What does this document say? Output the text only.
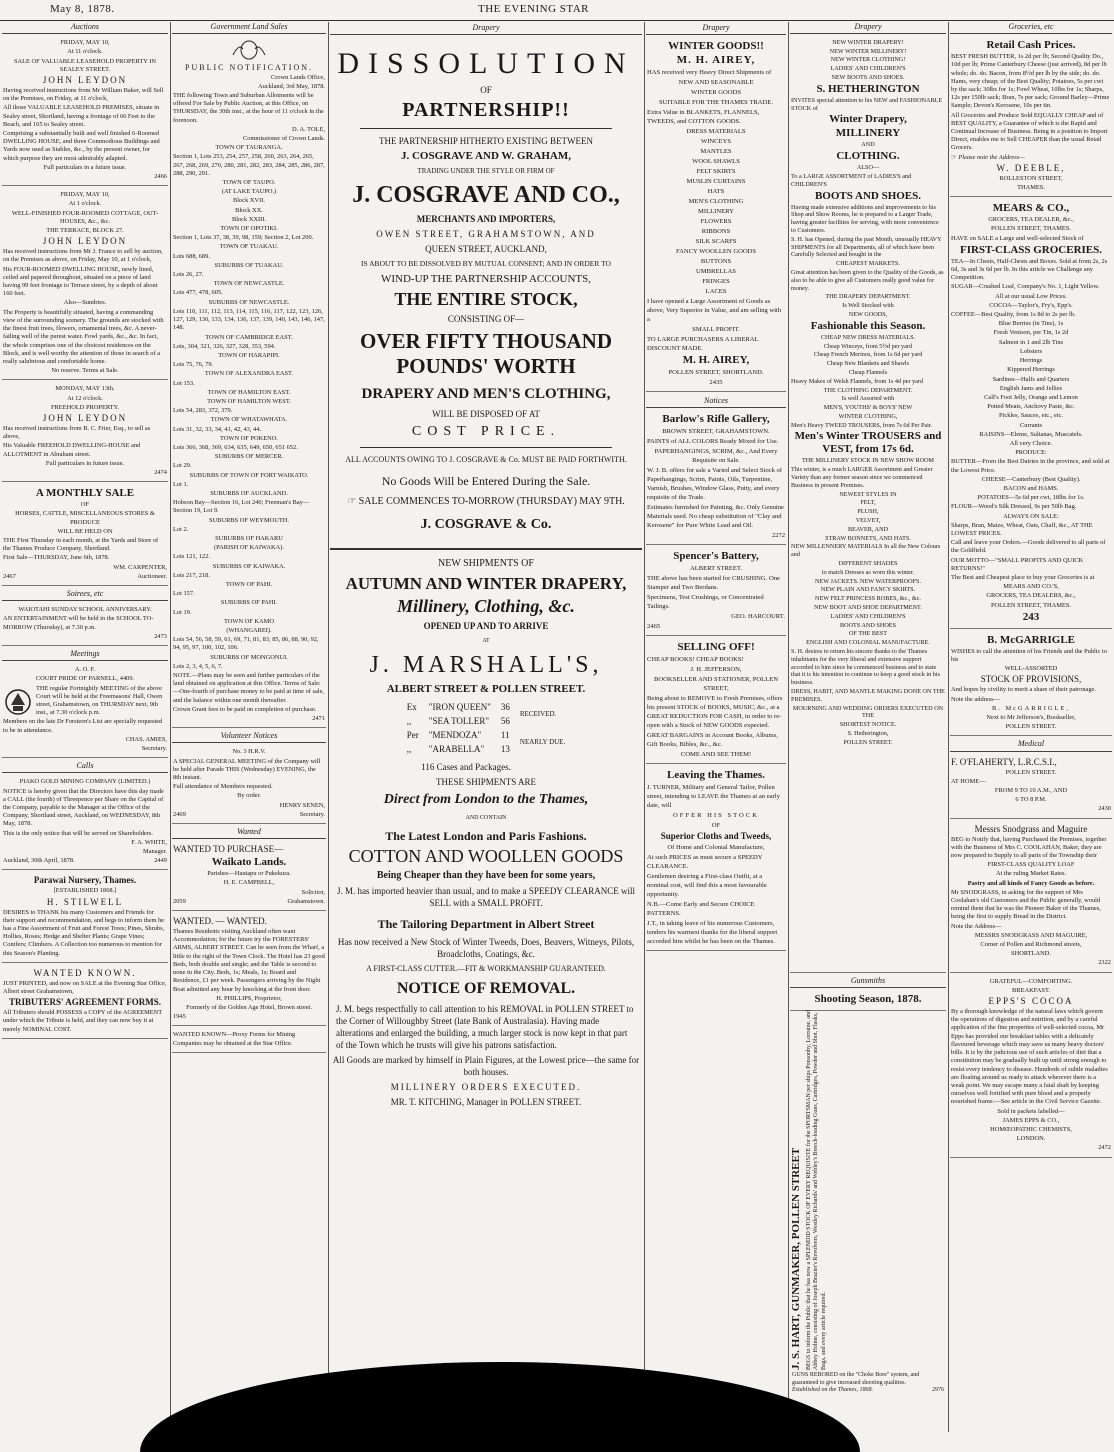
May 8, 1878.	THE EVENING STAR
Auctions

FRIDAY, MAY 10,

At 11 o'clock.

SALE OF VALUABLE LEASEHOLD PROPERTY IN SEALEY STREET.

JOHN LEYDON

Having received instructions from Mr William Baker, will Sell on the Premises, on Friday, at 11 o'clock,

All those VALUABLE LEASEHOLD PREMISES, situate in Sealey street, Shortland, having a frontage of 66 Feet to the Beach, and 165 to Sealey street.

Comprising a substantially built and well finished 6-Roomed DWELLING HOUSE, and three Commodious Buildings and Yards now used as Stables, &c., by the present owner, for which purpose they are most admirably adapted.

Full particulars in a future issue.

2466

FRIDAY, MAY 10,

At 1 o'clock.

WELL-FINISHED FOUR-ROOMED COTTAGE, OUT-HOUSES, &c., &c.

THE TERRACE, BLOCK 27.

JOHN LEYDON

Has received instructions from Mr J. France to sell by auction, on the Premises as above, on Friday, May 10, at 1 o'clock,

His FOUR-ROOMED DWELLING HOUSE, newly lined, ceiled and papered throughout, situated on a piece of land having 99 feet frontage to Terrace street, by a depth of about 160 feet.

Also—Sundries.

The Property is beautifully situated, having a commanding view of the surrounding scenery. The grounds are stocked with the finest fruit trees, flowers, ornamental trees, &c. A never-failing well of the purest water. Fowl yards, &c., &c. In fact, the whole comprises one of the choicest residences on the Block, and is well worthy the attention of those in search of a really salubrious and comfortable home.

No reserve. Terms at Sale.

MONDAY, MAY 13th.

At 12 o'clock.

FREEHOLD PROPERTY.

JOHN LEYDON

Has received instructions from B. C. Frier, Esq., to sell as above,

His Valuable FREEHOLD DWELLING-HOUSE and ALLOTMENT in Abraham street.

Full particulars in future issue.

2474

A MONTHLY SALE

OF

HORSES, CATTLE, MISCELLANEOUS STORES & PRODUCE

WILL BE HELD ON

THE First Thursday in each month, at the Yards and Store of the Thames Produce Company, Shortland.

First Sale—THURSDAY, June 6th, 1878.

WM. CARPENTER,

2467	Auctioneer.

Soirees, etc

WAIOTAHI SUNDAY SCHOOL ANNIVERSARY.

AN ENTERTAINMENT will be held in the SCHOOL TO-MORROW (Thursday), at 7.30 p.m.

2473

Meetings

A. O. F.

COURT PRIDE OF PARNELL, 4409.

THE regular Fortnightly MEETING of the above Court will be held at the Freemasons' Hall, Owen street, Grahamstown, on THURSDAY next, 9th inst., at 7.30 o'clock p.m.

Members on the late Dr Forsteen's List are specially requested to be in attendance.

CHAS. AMIES,

Secretary.

Calls

PIAKO GOLD MINING COMPANY (LIMITED.)

NOTICE is hereby given that the Directors have this day made a CALL (the fourth) of Threepence per Share on the Capital of the Company, payable to the Manager at the Office of the Company, Shortland street, Auckland, on WEDNESDAY, 8th May, 1878.

This is the only notice that will be served on Shareholders.

F. A. WHITE,

Manager.

Auckland, 30th April, 1878.	2449

Parawai Nursery, Thames.

[ESTABLISHED 1868.]

H. STILWELL

DESIRES to THANK his many Customers and Friends for their support and recommendation, and begs to inform them he has a Fine Assortment of Fruit and Forest Trees; Pines, Shrubs, Hollies, Roses; Hedge and Shelter Plants; Grape Vines; Conifers; Climbers. A Collection too numerous to mention for this Season's Planting.

WANTED KNOWN.

JUST PRINTED, and now on SALE at the Evening Star Office, Albert street Grahamstown,

TRIBUTERS' AGREEMENT FORMS.

All Tributers should POSSESS a COPY of the AGREEMENT under which the Tribute is held, and they can now buy it at merely NOMINAL COST.

Government Land Sales

PUBLIC NOTIFICATION.

Crown Lands Office,

Auckland, 3rd May, 1878.

THE following Town and Suburban Allotments will be offered For Sale by Public Auction, at this Office, on THURSDAY, the 30th inst., at the hour of 11 o'clock in the forenoon.

D. A. TOLE,

Commissioner of Crown Lands.

TOWN OF TAURANGA.
Section 1, Lots 253, 254, 257, 258, 260, 263, 264, 265, 267, 268, 269, 270, 280, 281, 282, 283, 284, 285, 286, 287, 288, 290, 291.
TOWN OF TAUPO.
(AT LAKE TAUPO.)
Block XVII.
Block XX.
Block XXIII.
TOWN OF OPOTIKI.
Section 1, Lots 37, 38, 39, 98, 159; Section 2, Lot 200.
TOWN OF TUAKAU.
Lots 688, 689.
SUBURBS OF TUAKAU.
Lots 26, 27.
TOWN OF NEWCASTLE.
Lots 477, 478, 605.
SUBURBS OF NEWCASTLE.
Lots 110, 111, 112, 113, 114, 115, 116, 117, 122, 123, 126, 127, 129, 130, 133, 134, 136, 137, 139, 140, 143, 146, 147, 148.
TOWN OF CAMBRIDGE EAST.
Lots, 304, 321, 326, 327, 328, 353, 594.
TOWN OF HARAPIPI.
Lots 75, 76, 79.
TOWN OF ALEXANDRA EAST.
Lot 153.
TOWN OF HAMILTON EAST.
TOWN OF HAMILTON WEST.
Lots 54, 283, 372, 379.
TOWN OF WHATAWHATA.
Lots 31, 32, 33, 34, 41, 42, 43, 44.
TOWN OF POKENO.
Lots 366, 368, 369, 634, 635, 649, 650, 651 652.
SUBURBS OF MERCER.
Lot 29.
SUBURBS OF TOWN OF FORT WAIKATO.
Lot 1.
SUBURBS OF AUCKLAND.
Hobson Bay—Section 16, Lot 240; Freeman's Bay—Section 19, Lot 9.
SUBURBS OF WEYMOUTH.
Lot 2.
SUBURBS OF HAKARU
(PARISH OF KAIWAKA).
Lots 121, 122.
SUBURBS OF KAIWAKA.
Lots 217, 218.
TOWN OF PAHI.
Lot 157.
SUBURBS OF PAHI.
Lot 19.
TOWN OF KAMO
(WHANGAREI).
Lots 54, 56, 58, 59, 61, 69, 71, 81, 83, 85, 86, 88, 90, 92, 94, 95, 97, 100, 102, 106.
SUBURBS OF MONGONUI.
Lots 2, 3, 4, 5, 6, 7.
NOTE.—Plans may be seen and further particulars of the land obtained on application at this Office. Terms of Sale:—One-fourth of purchase money to be paid at time of sale, and the balance within one month thereafter.
Crown Grant fees to be paid on completion of purchase.
2471
Volunteer Notices

No. 3 H.R.V.

A SPECIAL GENERAL MEETING of the Company will be held after Parade THIS (Wednesday) EVENING, the 8th instant.

Full attendance of Members requested.

By order.

HENRY SENEN,

2469	Secretary.

Wanted

WANTED TO PURCHASE—

Waikato Lands.

Parishes—Hautapu or Pukekura.

H. E. CAMPBELL,

Solicitor,

2059	Grahamstown.

WANTED. — WANTED.

Thames Residents visiting Auckland often want Accommodation; for the future try the FORESTERS' ARMS, ALBERT STREET. Can be seen from the Wharf, a little to the right of the Town Clock. The Hotel has 23 good Beds, both double and single; and the Table is second to none in the City. Beds, 1s; Meals, 1s; Board and Residence, £1 per week. Passengers arriving by the Night Boat admitted any hour by knocking at the front door.

H. PHILLIPS, Proprietor,

Formerly of the Golden Age Hotel, Brown street.

1945

WANTED KNOWN—Proxy Forms for Mining Companies may be obtained at the Star Office.

Drapery
DISSOLUTION
OF
PARTNERSHIP!!
THE PARTNERSHIP HITHERTO EXISTING BETWEEN
J. COSGRAVE AND W. GRAHAM,
TRADING UNDER THE STYLE OR FIRM OF
J. COSGRAVE AND CO.,
MERCHANTS AND IMPORTERS,
OWEN STREET, GRAHAMSTOWN, AND
QUEEN STREET, AUCKLAND,
IS ABOUT TO BE DISSOLVED BY MUTUAL CONSENT; AND IN ORDER TO
WIND-UP THE PARTNERSHIP ACCOUNTS,
THE ENTIRE STOCK,
CONSISTING OF—
OVER FIFTY THOUSAND POUNDS' WORTH
DRAPERY AND MEN'S CLOTHING,
WILL BE DISPOSED OF AT
COST PRICE.
ALL ACCOUNTS OWING TO J. COSGRAVE & Co. MUST BE PAID FORTHWITH.
No Goods Will be Entered During the Sale.
☞ SALE COMMENCES TO-MORROW (THURSDAY) MAY 9TH.
J. COSGRAVE & Co.
NEW SHIPMENTS OF
AUTUMN AND WINTER DRAPERY,
Millinery, Clothing, &c.
OPENED UP AND TO ARRIVE
AT
J. MARSHALL'S,
ALBERT STREET & POLLEN STREET.
Ex	"IRON QUEEN"	36	RECEIVED.
,,	"SEA TOLLER"	56	
Per	"MENDOZA"	11	NEARLY DUE.
,,	"ARABELLA"	13	
116 Cases and Packages.
THESE SHIPMENTS ARE
Direct from London to the Thames,
AND CONTAIN
The Latest London and Paris Fashions.
COTTON AND WOOLLEN GOODS
Being Cheaper than they have been for some years,
J. M. has imported heavier than usual, and to make a SPEEDY CLEARANCE will SELL with a SMALL PROFIT.
The Tailoring Department in Albert Street
Has now received a New Stock of Winter Tweeds, Does, Beavers, Witneys, Pilots, Broadcloths, Coatings, &c.
A FIRST-CLASS CUTTER.—FIT & WORKMANSHIP GUARANTEED.
NOTICE OF REMOVAL.
J. M. begs respectfully to call attention to his REMOVAL in POLLEN STREET to the Corner of Willoughby Street (late Bank of Australasia). Having made alterations and enlarged the building, a much larger stock is now kept in that part of the Town which he trusts will give his patrons satisfaction.
All Goods are marked by himself in Plain Figures, at the Lowest price—the same for both houses.
MILLINERY ORDERS EXECUTED.
MR. T. KITCHING, Manager in POLLEN STREET.
Drapery

WINTER GOODS!!

M. H. AIREY,

HAS received very Heavy Direct Shipments of

NEW AND SEASONABLE

WINTER GOODS

SUITABLE FOR THE THAMES TRADE.

Extra Value in BLANKETS, FLANNELS, TWEEDS, and COTTON GOODS.

DRESS MATERIALS

WINCEYS

MANTLES

WOOL SHAWLS

FELT SKIRTS

MUSLIN CURTAINS

HATS

MEN'S CLOTHING

MILLINERY

FLOWERS

RIBBONS

SILK SCARFS

FANCY WOOLLEN GOODS

BUTTONS

UMBRELLAS

FRINGES

LACES

I have opened a Large Assortment of Goods as above, Very Superior in Value, and am selling with a

SMALL PROFIT.

TO LARGE PURCHASERS A LIBERAL DISCOUNT MADE.

M. H. AIREY,

POLLEN STREET, SHORTLAND.

2435

Notices

Barlow's Rifle Gallery,

BROWN STREET, GRAHAMSTOWN.

PAINTS of ALL COLORS Ready Mixed for Use.

PAPERHANGINGS, SCRIM, &c., And Every Requisite on Sale.

W. J. B. offers for sale a Varied and Select Stock of Paperhangings, Scrim, Paints, Oils, Turpentine, Varnish, Brushes, Window Glass, Putty, and every requisite of the Trade.

Estimates furnished for Painting, &c. Only Genuine Materials used. No cheap substitution of "Clay and Kerosene" for Pure White Lead and Oil.

2272

Spencer's Battery,

ALBERT STREET.

THE above has been started for CRUSHING. One Stamper and Two Berdans.

Specimens, Test Crushings, or Concentrated Tailings.

GEO. HARCOURT.

2465

SELLING OFF!

CHEAP BOOKS! CHEAP BOOKS!

J. H. JEFFERSON,

BOOKSELLER AND STATIONER, POLLEN STREET,

Being about to REMOVE to Fresh Premises, offers his present STOCK of BOOKS, MUSIC, &c., at a GREAT REDUCTION FOR CASH, in order to re-open with a Stock of NEW GOODS expected.

GREAT BARGAINS in Account Books, Albums, Gift Books, Bibles, &c., &c.

COME AND SEE THEM!

Leaving the Thames.

J. TURNER, Military and General Tailor, Pollen street, intending to LEAVE the Thames at an early date, will

OFFER HIS STOCK

OF

Superior Cloths and Tweeds,

Of Home and Colonial Manufacture,

At such PRICES as must secure a SPEEDY CLEARANCE.

Gentlemen desiring a First-class Outfit, at a nominal cost, will find this a most favourable opportunity.

N.B.—Come Early and Secure CHOICE PATTERNS.

J.T., in taking leave of his numerous Customers, tenders his warmest thanks for the liberal support accorded him whilst he has been on the Thames.

Drapery

NEW WINTER DRAPERY!

NEW WINTER MILLINERY!

NEW WINTER CLOTHING!

LADIES' AND CHILDREN'S

NEW BOOTS AND SHOES.

S. HETHERINGTON

INVITES special attention to his NEW and FASHIONABLE STOCK of

Winter Drapery,

MILLINERY

AND

CLOTHING.

ALSO—

To a LARGE ASSORTMENT of LADIES'S and CHILDREN'S

BOOTS AND SHOES.

Having made extensive additions and improvements to his Shop and Show Rooms, he is prepared to a Larger Trade, having greater facilities for serving, with more convenience to Customers.

S. H. has Opened, during the past Month, unusually HEAVY SHIPMENTS for all Departments, all of which have been Carefully Selected and bought in the

CHEAPEST MARKETS.

Great attention has been given to the Quality of the Goods, as also to be able to give all Customers really good value for money.

THE DRAPERY DEPARTMENT.

Is Well Stocked with

NEW GOODS,

Fashionable this Season.

CHEAP NEW DRESS MATERIALS.

Cheap Winceys, from 5½d per yard

Cheap French Merinos, from 1s 6d per yard

Cheap New Blankets and Shawls

Cheap Flannels

Heavy Makes of Welsh Flannels, from 1s 4d per yard

THE CLOTHING DEPARTMENT.

Is well Assorted with

MEN'S, YOUTHS' & BOYS' NEW

WINTER CLOTHING,

Men's Heavy TWEED TROUSERS, from 7s 6d Per Pair.

Men's Winter TROUSERS and VEST, from 17s 6d.

THE MILLINERY STOCK IN NEW SHOW ROOM

This winter, is a much LARGER Assortment and Greater Variety than any former season since we commenced Business in present Premises.

NEWEST STYLES IN

FELT,

PLUSH,

VELVET,

BEAVER, AND

STRAW BONNETS, AND HATS.

NEW MILLENNERY MATERIALS In all the New Colours and

DIFFERENT SHADES

to match Dresses as worn this winter.

NEW JACKETS. NEW WATERPROOFS.

NEW PLAIN AND FANCY SKIRTS.

NEW FELT PRINCESS ROBES, &c., &c.

NEW BOOT AND SHOE DEPARTMENT.

LADIES' AND CHILDREN'S

BOOTS AND SHOES

OF THE BEST

ENGLISH AND COLONIAL MANUFACTURE.

S. H. desires to return his sincere thanks to the Thames inhabitants for the very liberal and extensive support accorded to him since he commenced business and to state that it is his intention to continue to keep a good stock in his business.

DRESS, HABIT, AND MANTLE MAKING DONE ON THE PREMISES.

MOURNING AND WEDDING ORDERS EXECUTED ON THE

SHORTEST NOTICE.

S. Hetherington,

POLLEN STREET.

Gunsmiths

Shooting Season, 1878.

J. S. HART, GUNMAKER, POLLEN STREET BEGS to inform the Public that he has now a SPLENDID STOCK OF EVERY REQUISITE for the SPORTSMAN per ships Ponsonby, Lorraine, and Abbey Holme, consisting of Joseph Brazier's Revolvers, Westley Richards' and Webley's Breech-loading Guns, Cartridges, Powder and Shot, Flasks, Bags, and every article required.

GUNS REBORED on the "Choke Bore" system, and guaranteed to give increased shooting qualities.

Established on the Thames, 1868.	2976

Groceries, etc

Retail Cash Prices.

BEST FRESH BUTTER, 1s 2d per lb; Second Quality Do., 10d per lb; Prime Canterbury Cheese (just arrived), 8d per lb whole; do. do. Bacon, from 8½d per lb by the side; do. do. Hams, very cheap; of the Best Quality; Potatoes, 5s per cwt by the sack; 30lbs for 1s; Fowl Wheat, 10lbs for 1s; Sharps, 12s per 150lb sack; Bran, 7s per sack; Ground Barley—Prime Sample; Devon's Kerosene, 10s per tin.

All Groceries and Produce Sold EQUALLY CHEAP and of BEST QUALITY, a Guarantee of which is the Rapid and Continual Increase of Business. Being in a position to Import Direct, enables me to Sell CHEAPER than the usual Retail Grocers.

☞ Please note the Address—

W. DEEBLE,

ROLLESTON STREET,

THAMES.

MEARS & CO.,

GROCERS, TEA DEALER, &c.,

POLLEN STREET, THAMES.

HAVE on SALE a Large and well-selected Stock of

FIRST-CLASS GROCERIES.

TEA—In Chests, Half-Chests and Boxes. Sold at from 2s, 2s 6d, 3s and 3s 6d per lb. In this article we Challenge any Competition.

SUGAR—Crushed Loaf, Company's No. 1, Light Yellow.

All at our usual Low Prices.

COCOA—Taylor's, Fry's, Epp's.

COFFEE—Best Quality, from 1s 8d to 2s per lb.

Blue Berries (in Tins), 1s

Fresh Venison, per Tin, 1s 2d

Salmon in 1 and 2lb Tins

Lobsters

Herrings

Kippered Herrings

Sardines—Halfs and Quarters

English Jams and Jellies

Calf's Foot Jelly, Orange and Lemon

Potted Meats, Anchovy Paste, &c.

Pickles, Sauces, etc., etc.

Currants

RAISINS—Eleme, Sultanas, Muscatels.

All very Choice.

PRODUCE:

BUTTER—From the Best Dairies in the province, and sold at the Lowest Price.

CHEESE—Canterbury (Best Quality).

BACON and HAMS.

POTATOES—5s 6d per cwt, 18lbs for 1s.

FLOUR—Wood's Silk Dressed, 9s per 50lb Bag.

ALWAYS ON SALE:

Sharps, Bran, Maize, Wheat, Oats, Chaff, &c., AT THE LOWEST PRICES.

Call and leave your Orders.—Goods delivered to all parts of the Goldfield.

OUR MOTTO—"SMALL PROFITS AND QUICK RETURNS!"

The Best and Cheapest place to buy your Groceries is at

MEARS AND CO.'S,

GROCERS, TEA DEALERS, &c.,

POLLEN STREET, THAMES.

243

B. McGARRIGLE

WISHES to call the attention of his Friends and the Public to his

WELL-ASSORTED

STOCK OF PROVISIONS,

And hopes by civility to merit a share of their patronage.

Note the address—

B. McGARRIGLE,

Next to Mr Jefferson's, Bookseller,

POLLEN STREET.

Medical

F. O'FLAHERTY, L.R.C.S.I.,

POLLEN STREET.

AT HOME—

FROM 9 TO 10 A.M., AND

6 TO 8 P.M.

2430

Messrs Snodgrass and Maguire

BEG to Notify that, having Purchased the Premises, together with the Business of Mrs C. COOLAHAN, Baker, they are now prepared to Supply to all parts of the Township their

FIRST-CLASS QUALITY LOAF

At the ruling Market Rates.

Pastry and all kinds of Fancy Goods as before.

Mr SNODGRASS, in asking for the support of Mrs Coolahan's old Customers and the Public generally, would remind them that he was the Pioneer Baker of the Thames, being the first to supply Bread in the District.

Note the Address—

MESSRS SNODGRASS AND MAGUIRE,

Corner of Pollen and Richmond streets,

SHORTLAND.

2322

GRATEFUL—COMFORTING.

BREAKFAST.

EPPS'S COCOA

By a thorough knowledge of the natural laws which govern the operations of digestion and nutrition, and by a careful application of the fine properties of well-selected cocoa, Mr Epps has provided our breakfast tables with a delicately flavoured beverage which may save us many heavy doctors' bills. It is by the judicious use of such articles of diet that a constitution may be gradually built up until strong enough to resist every tendency to disease. Hundreds of subtle maladies are floating around us ready to attack wherever there is a weak point. We may escape many a fatal shaft by keeping ourselves well fortified with pure blood and a properly nourished frame.—See article in the Civil Service Gazette.

Sold in packets labelled—

JAMES EPPS & CO.,

HOMŒOPATHIC CHEMISTS,

LONDON.

2472
